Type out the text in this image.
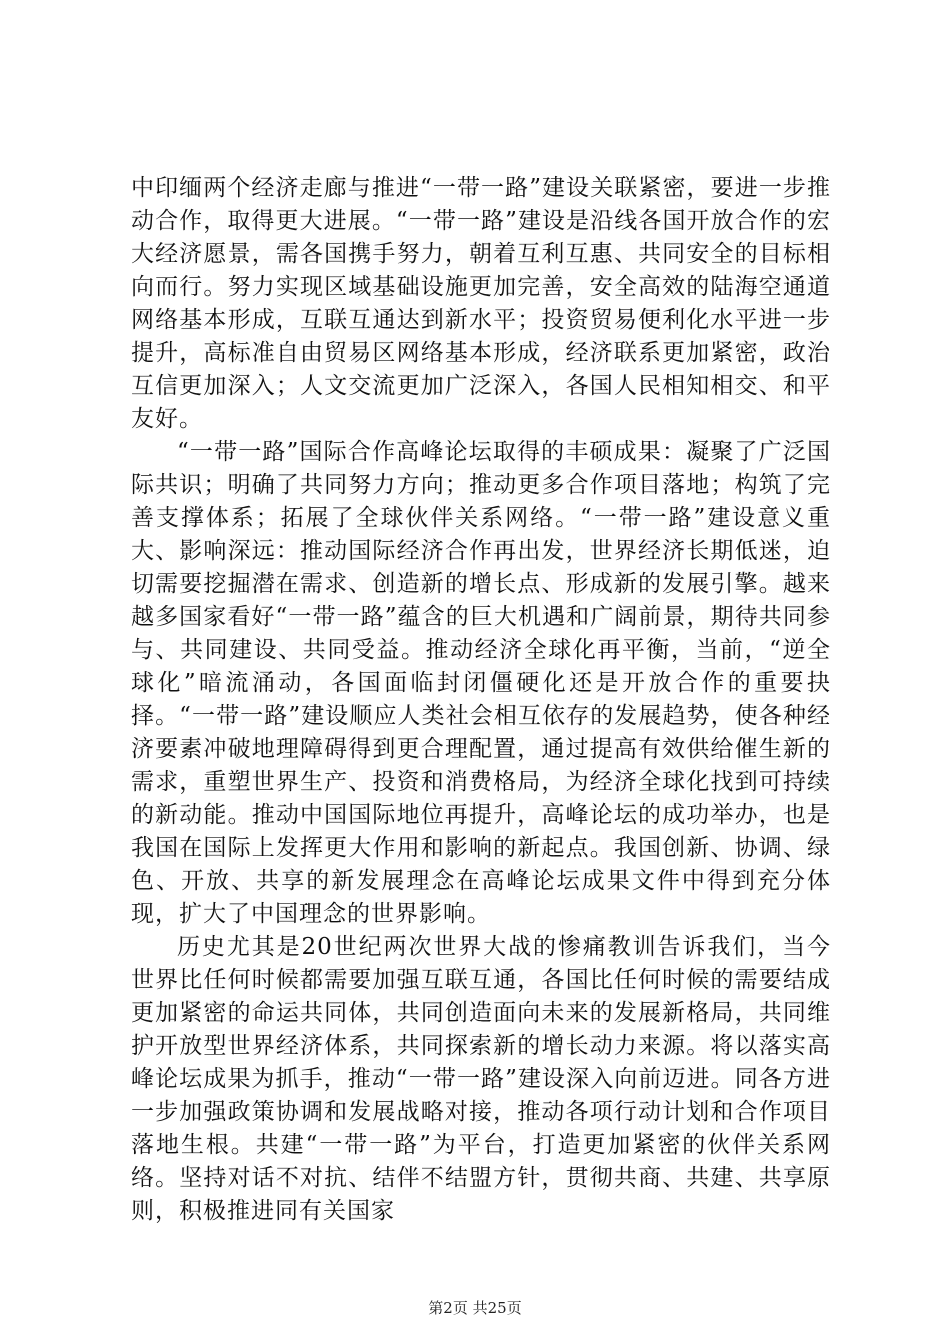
中印缅两个经济走廊与推进“一带一路”建设关联紧密，要进一步推动合作，取得更大进展。“一带一路”建设是沿线各国开放合作的宏大经济愿景，需各国携手努力，朝着互利互惠、共同安全的目标相向而行。努力实现区域基础设施更加完善，安全高效的陆海空通道网络基本形成，互联互通达到新水平；投资贸易便利化水平进一步提升，高标准自由贸易区网络基本形成，经济联系更加紧密，政治互信更加深入；人文交流更加广泛深入，各国人民相知相交、和平友好。

“一带一路”国际合作高峰论坛取得的丰硕成果：凝聚了广泛国际共识；明确了共同努力方向；推动更多合作项目落地；构筑了完善支撑体系；拓展了全球伙伴关系网络。“一带一路”建设意义重大、影响深远：推动国际经济合作再出发，世界经济长期低迷，迫切需要挖掘潜在需求、创造新的增长点、形成新的发展引擎。越来越多国家看好“一带一路”蕴含的巨大机遇和广阔前景，期待共同参与、共同建设、共同受益。推动经济全球化再平衡，当前，“逆全球化”暗流涌动，各国面临封闭僵硬化还是开放合作的重要抉择。“一带一路”建设顺应人类社会相互依存的发展趋势，使各种经济要素冲破地理障碍得到更合理配置，通过提高有效供给催生新的需求，重塑世界生产、投资和消费格局，为经济全球化找到可持续的新动能。推动中国国际地位再提升，高峰论坛的成功举办，也是我国在国际上发挥更大作用和影响的新起点。我国创新、协调、绿色、开放、共享的新发展理念在高峰论坛成果文件中得到充分体现，扩大了中国理念的世界影响。

历史尤其是20世纪两次世界大战的惨痛教训告诉我们，当今世界比任何时候都需要加强互联互通，各国比任何时候的需要结成更加紧密的命运共同体，共同创造面向未来的发展新格局，共同维护开放型世界经济体系，共同探索新的增长动力来源。将以落实高峰论坛成果为抓手，推动“一带一路”建设深入向前迈进。同各方进一步加强政策协调和发展战略对接，推动各项行动计划和合作项目落地生根。共建“一带一路”为平台，打造更加紧密的伙伴关系网络。坚持对话不对抗、结伴不结盟方针，贯彻共商、共建、共享原则，积极推进同有关国家

第2页 共25页
